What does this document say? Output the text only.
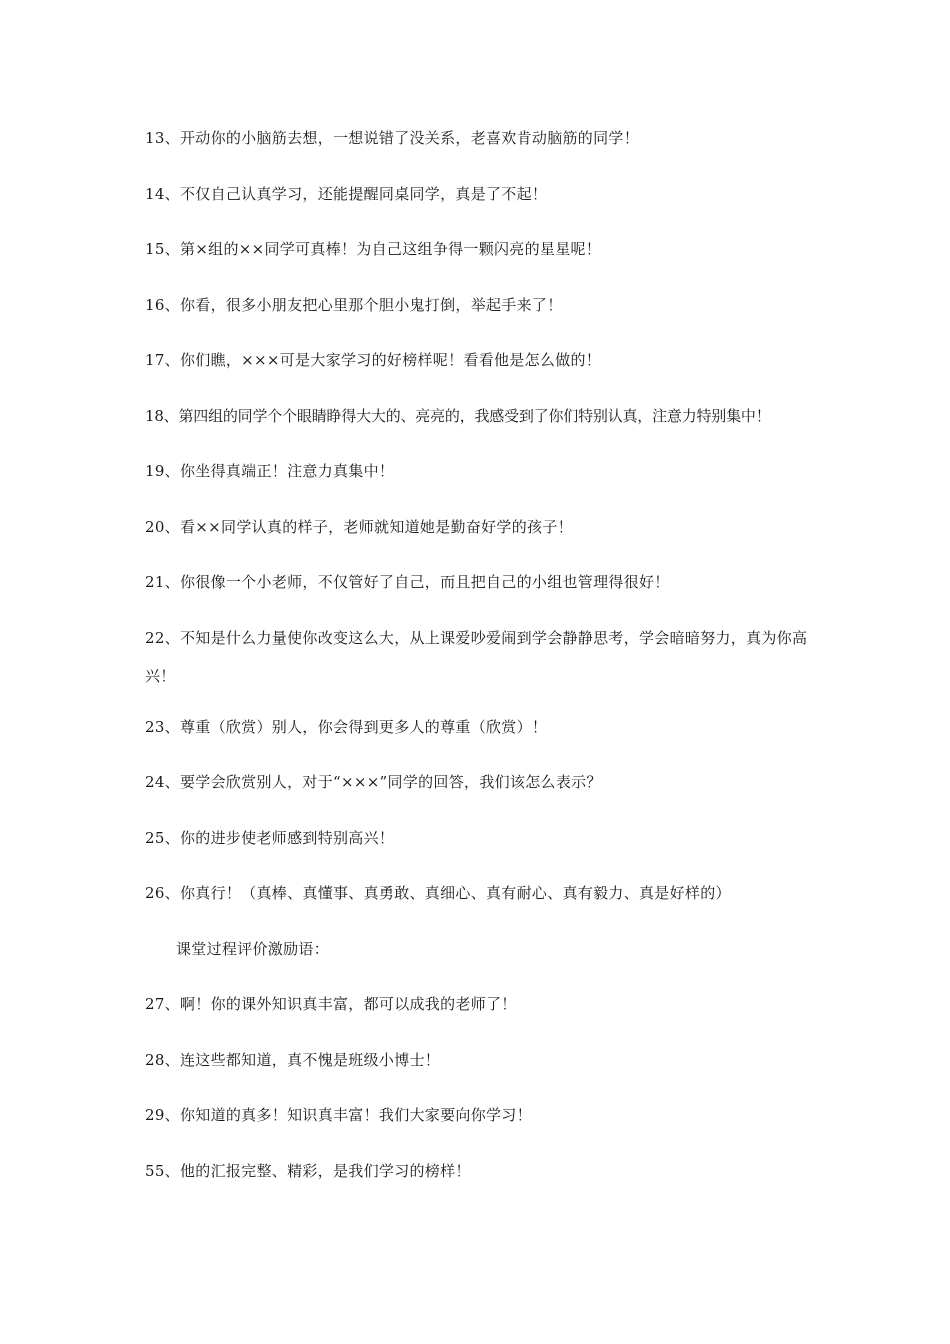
13、开动你的小脑筋去想，一想说错了没关系，老喜欢肯动脑筋的同学！

14、不仅自己认真学习，还能提醒同桌同学，真是了不起！

15、第×组的××同学可真棒！为自己这组争得一颗闪亮的星星呢！

16、你看，很多小朋友把心里那个胆小鬼打倒，举起手来了！

17、你们瞧，×××可是大家学习的好榜样呢！看看他是怎么做的！

18、第四组的同学个个眼睛睁得大大的、亮亮的，我感受到了你们特别认真，注意力特别集中！

19、你坐得真端正！注意力真集中！

20、看××同学认真的样子，老师就知道她是勤奋好学的孩子！

21、你很像一个小老师，不仅管好了自己，而且把自己的小组也管理得很好！

22、不知是什么力量使你改变这么大，从上课爱吵爱闹到学会静静思考，学会暗暗努力，真为你高兴！

23、尊重（欣赏）别人，你会得到更多人的尊重（欣赏）！

24、要学会欣赏别人，对于“×××”同学的回答，我们该怎么表示？

25、你的进步使老师感到特别高兴！

26、你真行！（真棒、真懂事、真勇敢、真细心、真有耐心、真有毅力、真是好样的）

课堂过程评价激励语：

27、啊！你的课外知识真丰富，都可以成我的老师了！

28、连这些都知道，真不愧是班级小博士！

29、你知道的真多！知识真丰富！我们大家要向你学习！

55、他的汇报完整、精彩，是我们学习的榜样！
